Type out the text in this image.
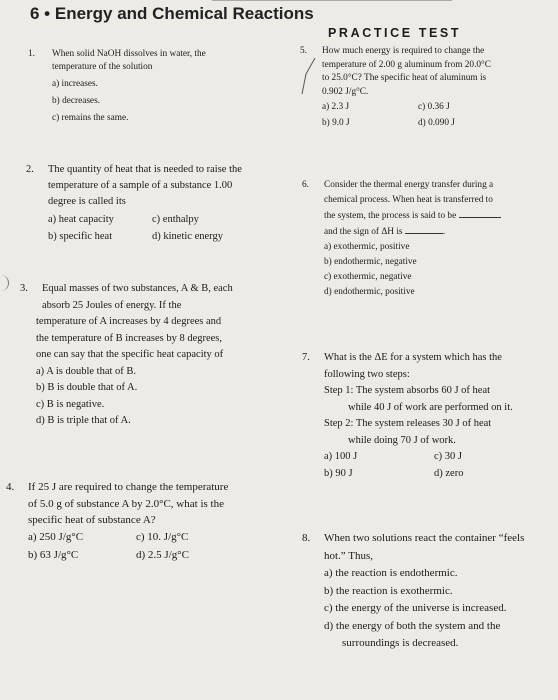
6 • Energy and Chemical Reactions
PRACTICE TEST
1. When solid NaOH dissolves in water, the
temperature of the solution
a) increases.
b) decreases.
c) remains the same.
2. The quantity of heat that is needed to raise the
temperature of a sample of a substance 1.00
degree is called its
a) heat capacity	c) enthalpy
b) specific heat	d) kinetic energy
3. Equal masses of two substances, A & B, each
absorb 25 Joules of energy. If the
temperature of A increases by 4 degrees and
the temperature of B increases by 8 degrees,
one can say that the specific heat capacity of
a) A is double that of B.
b) B is double that of A.
c) B is negative.
d) B is triple that of A.
4. If 25 J are required to change the temperature
of 5.0 g of substance A by 2.0°C, what is the
specific heat of substance A?
a) 250 J/g°C	c) 10. J/g°C
b) 63 J/g°C	d) 2.5 J/g°C
5. How much energy is required to change the
temperature of 2.00 g aluminum from 20.0°C
to 25.0°C? The specific heat of aluminum is
0.902 J/g°C.
a) 2.3 J	c) 0.36 J
b) 9.0 J	d) 0.090 J
6. Consider the thermal energy transfer during a
chemical process. When heat is transferred to
the system, the process is said to be
and the sign of ΔH is	.
a) exothermic, positive
b) endothermic, negative
c) exothermic, negative
d) endothermic, positive
7. What is the ΔE for a system which has the
following two steps:
Step 1: The system absorbs 60 J of heat
while 40 J of work are performed on it.
Step 2: The system releases 30 J of heat
while doing 70 J of work.
a) 100 J	c) 30 J
b) 90 J	d) zero
8. When two solutions react the container “feels
hot.” Thus,
a) the reaction is endothermic.
b) the reaction is exothermic.
c) the energy of the universe is increased.
d) the energy of both the system and the
surroundings is decreased.
